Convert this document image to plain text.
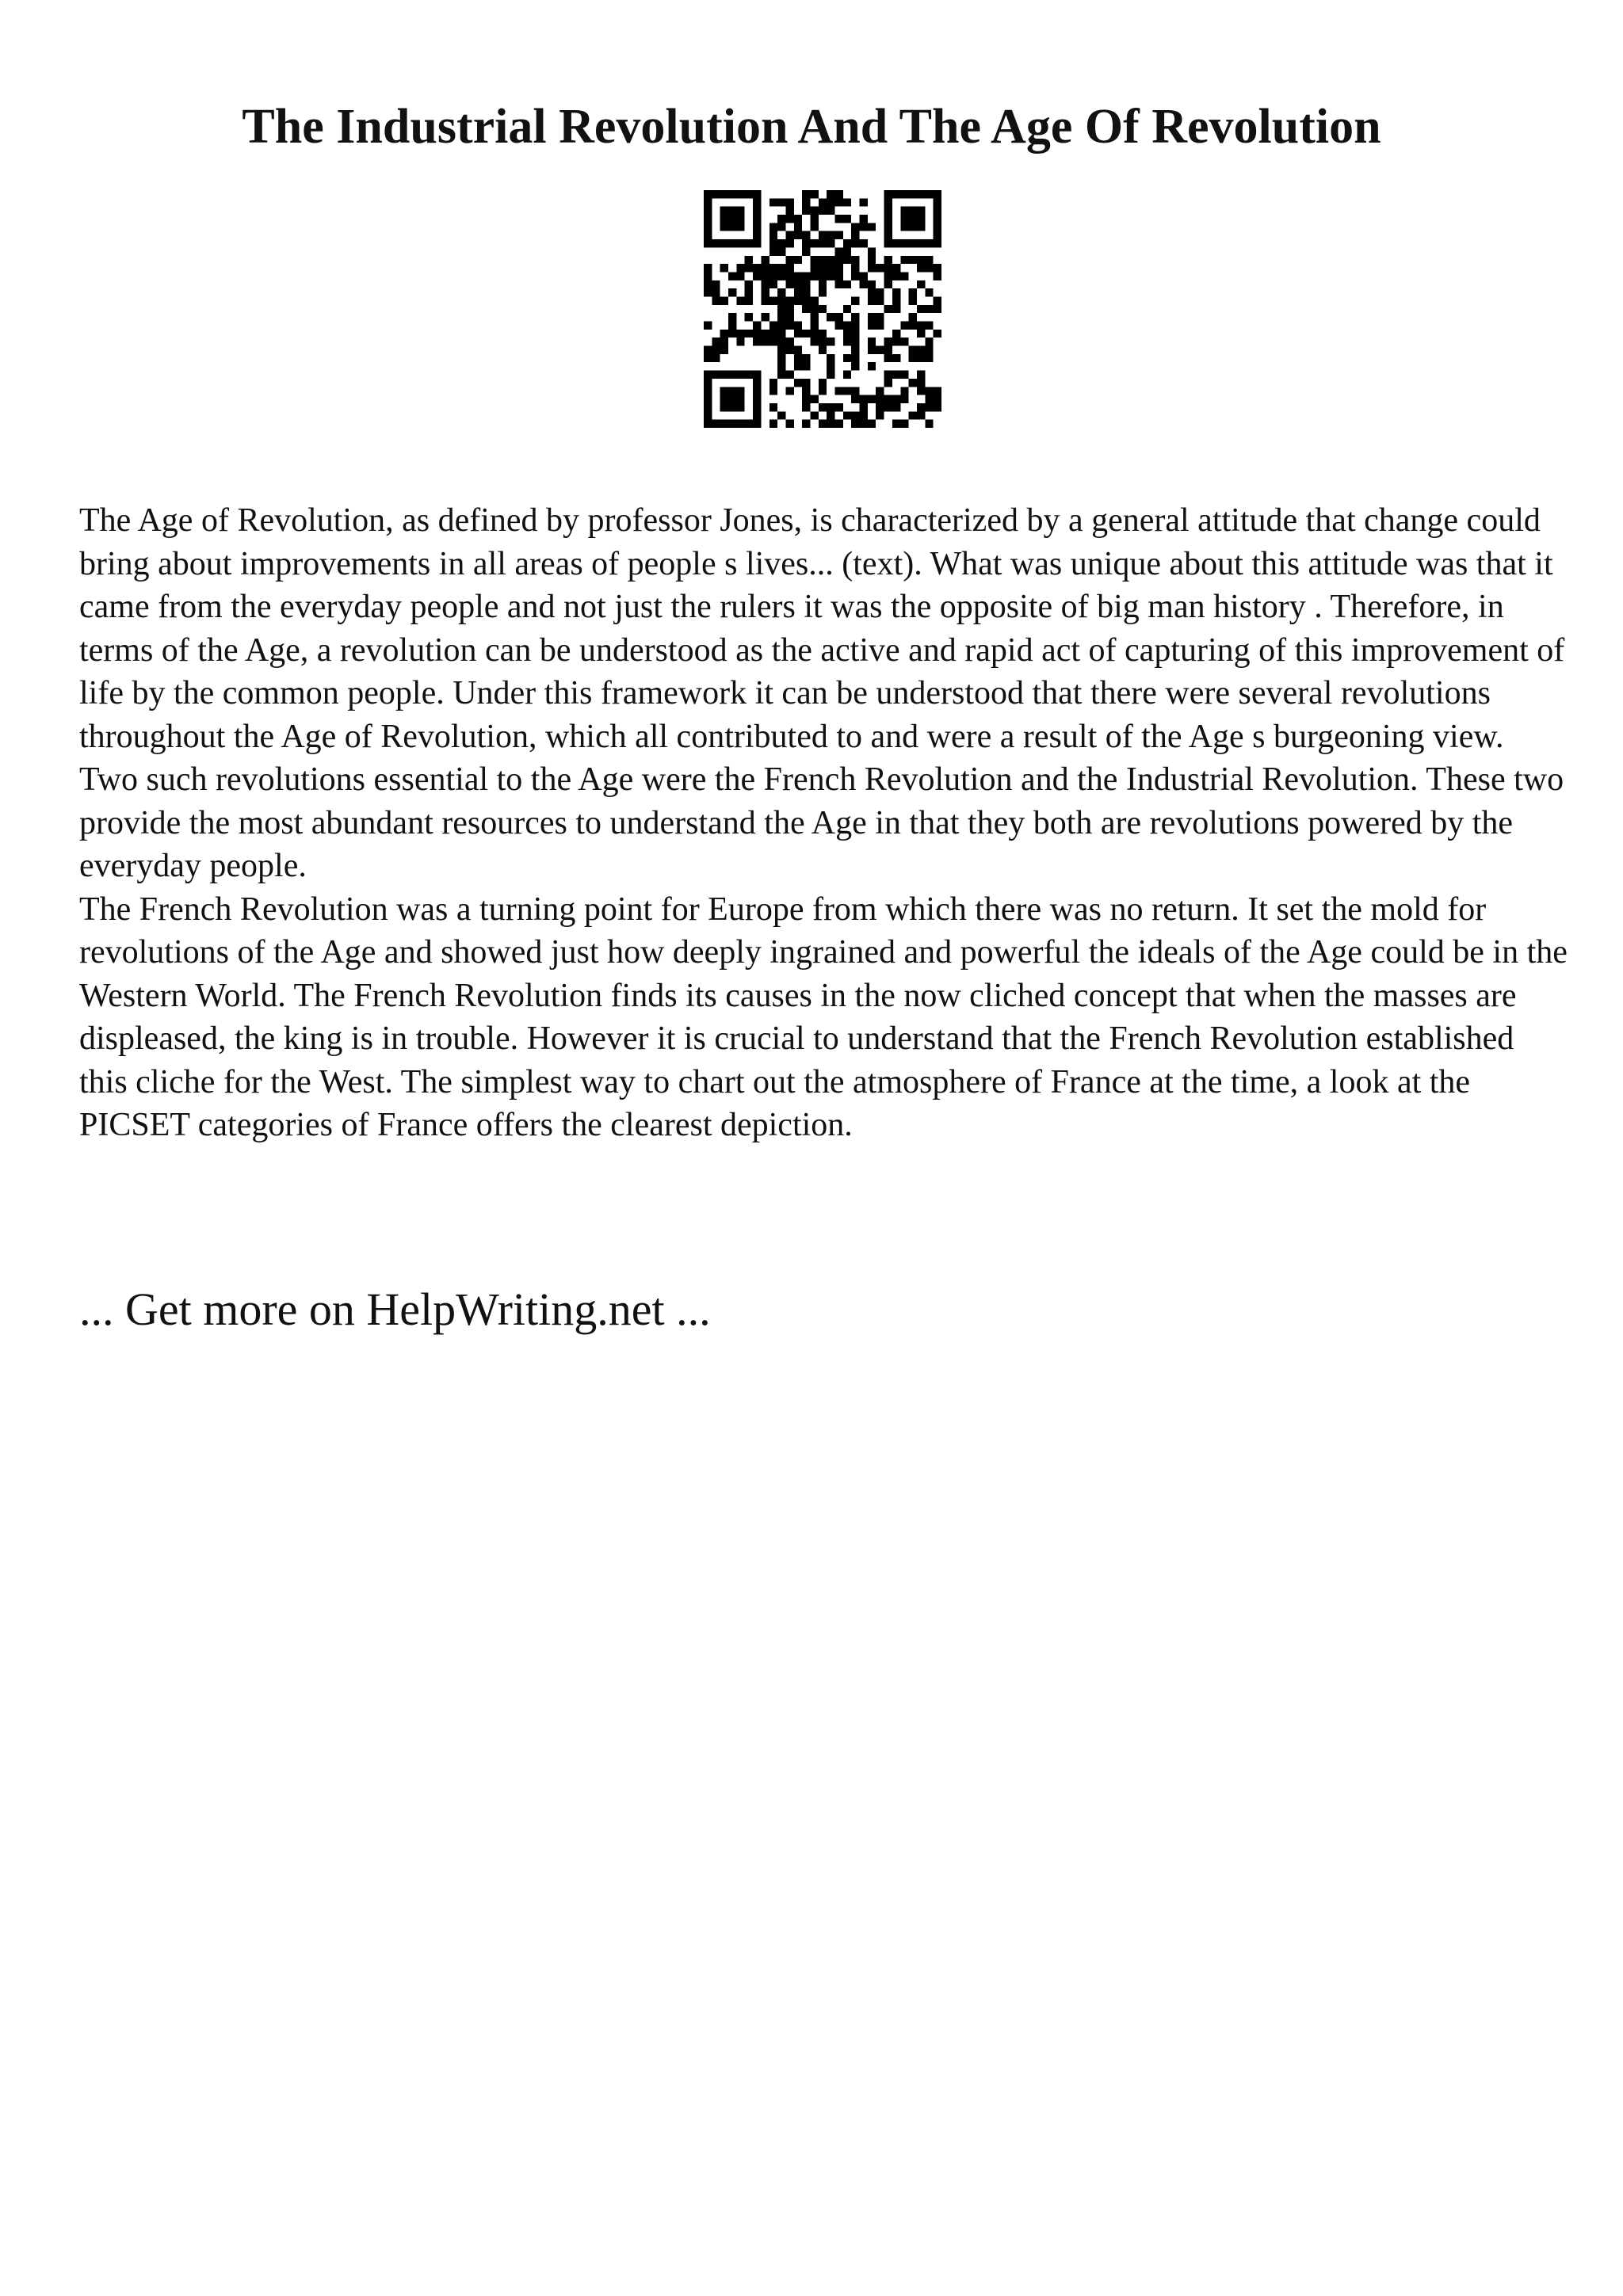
The Industrial Revolution And The Age Of Revolution

The Age of Revolution, as defined by professor Jones, is characterized by a general attitude that change could bring about improvements in all areas of people s lives... (text). What was unique about this attitude was that it came from the everyday people and not just the rulers it was the opposite of big man history . Therefore, in terms of the Age, a revolution can be understood as the active and rapid act of capturing of this improvement of life by the common people. Under this framework it can be understood that there were several revolutions throughout the Age of Revolution, which all contributed to and were a result of the Age s burgeoning view. Two such revolutions essential to the Age were the French Revolution and the Industrial Revolution. These two provide the most abundant resources to understand the Age in that they both are revolutions powered by the everyday people.

The French Revolution was a turning point for Europe from which there was no return. It set the mold for revolutions of the Age and showed just how deeply ingrained and powerful the ideals of the Age could be in the Western World. The French Revolution finds its causes in the now cliched concept that when the masses are displeased, the king is in trouble. However it is crucial to understand that the French Revolution established this cliche for the West. The simplest way to chart out the atmosphere of France at the time, a look at the PICSET categories of France offers the clearest depiction.

... Get more on HelpWriting.net ...
